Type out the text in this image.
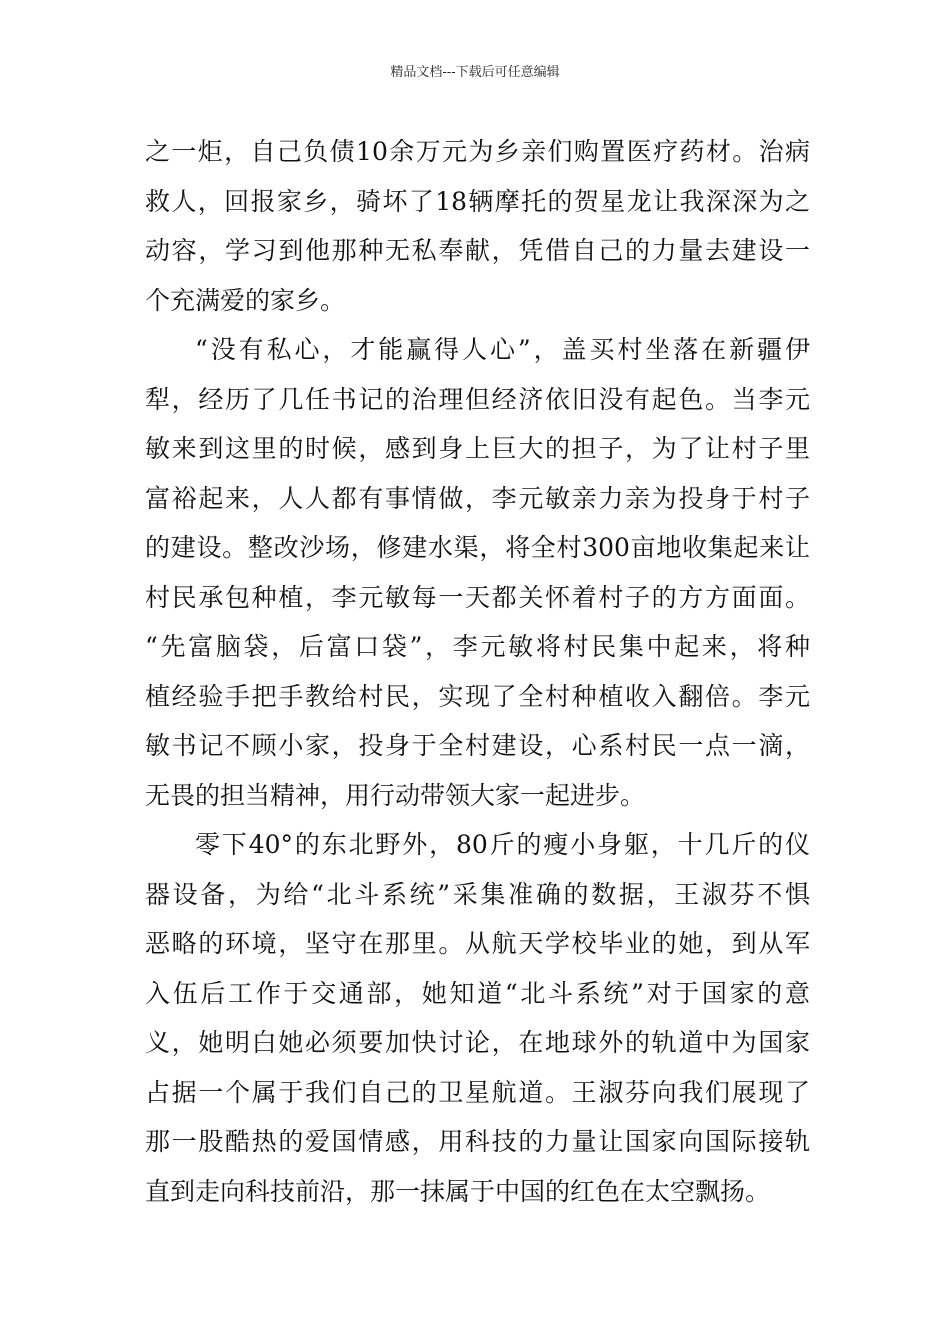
精品文档---下载后可任意编辑
之一炬，自己负债10余万元为乡亲们购置医疗药材。治病
救人，回报家乡，骑坏了18辆摩托的贺星龙让我深深为之
动容，学习到他那种无私奉献，凭借自己的力量去建设一
个充满爱的家乡。
“没有私心，才能赢得人心”，盖买村坐落在新疆伊
犁，经历了几任书记的治理但经济依旧没有起色。当李元
敏来到这里的时候，感到身上巨大的担子，为了让村子里
富裕起来，人人都有事情做，李元敏亲力亲为投身于村子
的建设。整改沙场，修建水渠，将全村300亩地收集起来让
村民承包种植，李元敏每一天都关怀着村子的方方面面。
“先富脑袋，后富口袋”，李元敏将村民集中起来，将种
植经验手把手教给村民，实现了全村种植收入翻倍。李元
敏书记不顾小家，投身于全村建设，心系村民一点一滴，
无畏的担当精神，用行动带领大家一起进步。
零下40°的东北野外，80斤的瘦小身躯，十几斤的仪
器设备，为给“北斗系统”采集准确的数据，王淑芬不惧
恶略的环境，坚守在那里。从航天学校毕业的她，到从军
入伍后工作于交通部，她知道“北斗系统”对于国家的意
义，她明白她必须要加快讨论，在地球外的轨道中为国家
占据一个属于我们自己的卫星航道。王淑芬向我们展现了
那一股酷热的爱国情感，用科技的力量让国家向国际接轨
直到走向科技前沿，那一抹属于中国的红色在太空飘扬。
